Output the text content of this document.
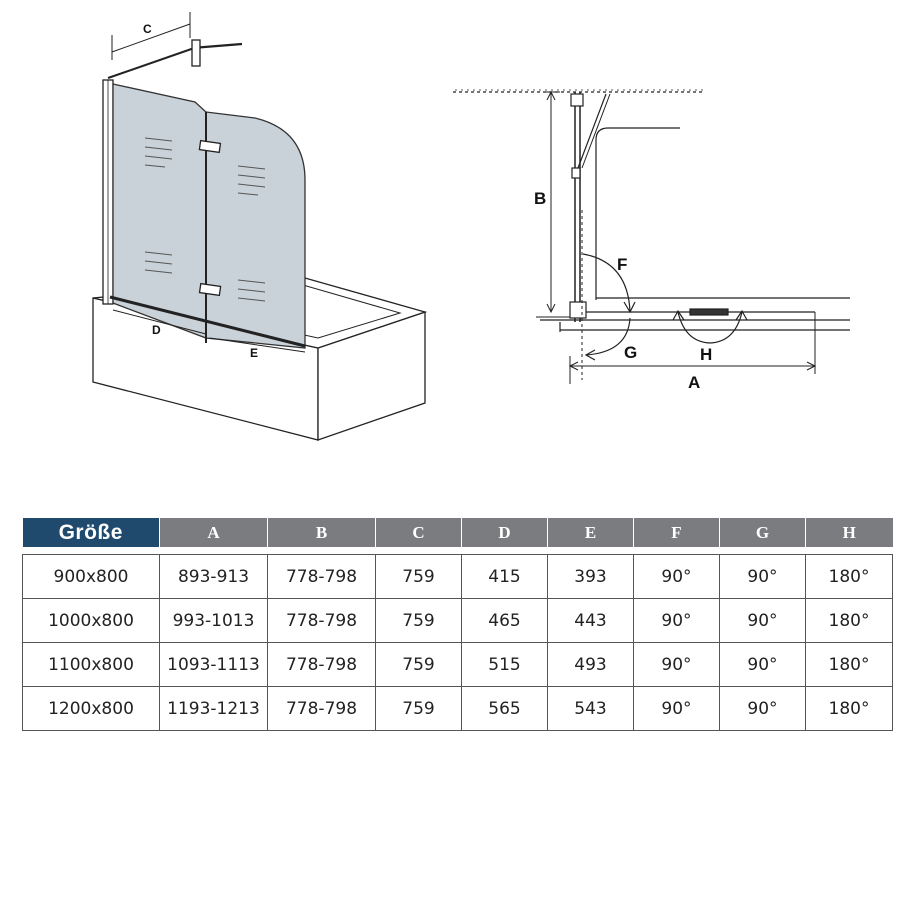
C
D
E
B
F
G	H
A
Größe	A	B	C	D	E	F	G	H

900x800	893-913	778-798	759	415	393	90°	90°	180°
1000x800	993-1013	778-798	759	465	443	90°	90°	180°
1100x800	1093-1113	778-798	759	515	493	90°	90°	180°
1200x800	1193-1213	778-798	759	565	543	90°	90°	180°
